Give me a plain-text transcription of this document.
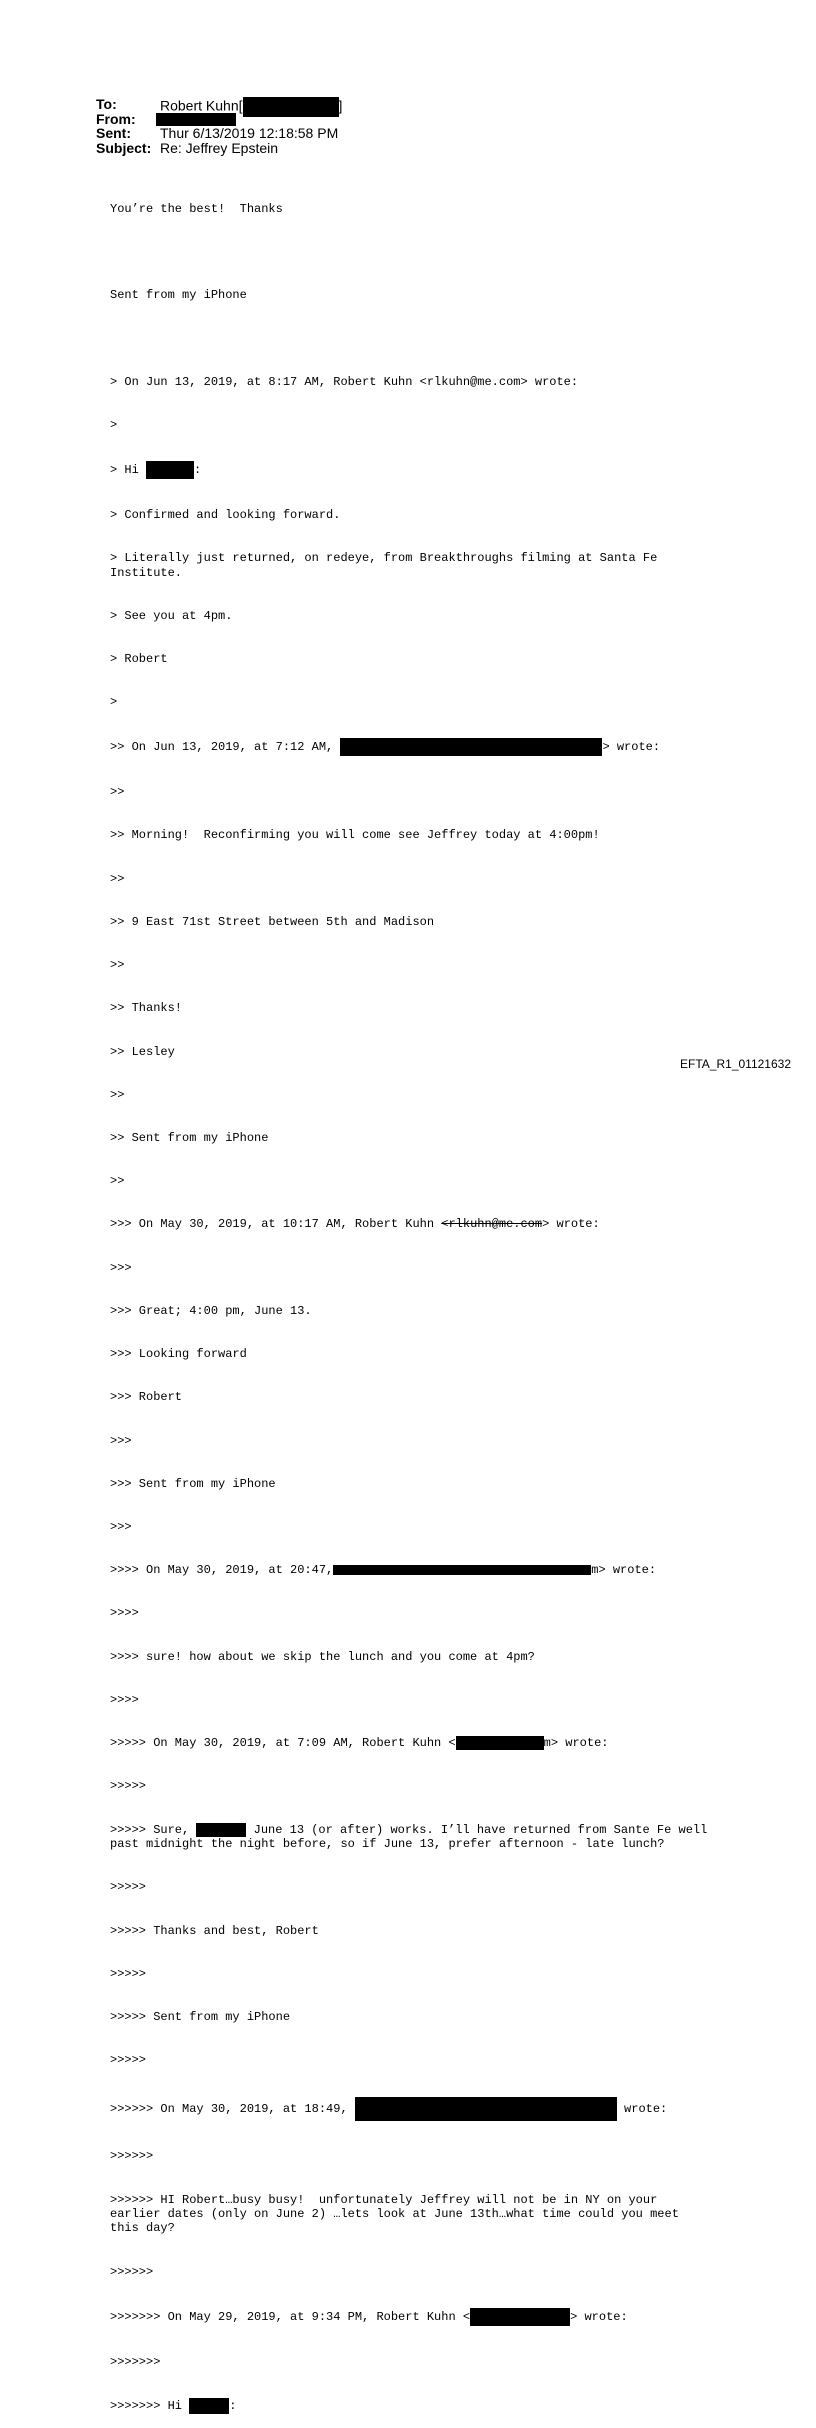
To:	Robert Kuhn[	]
From:
Sent: Thur 6/13/2019 12:18:58 PM
Subject: Re: Jeffrey Epstein

You’re the best!  Thanks

Sent from my iPhone

> On Jun 13, 2019, at 8:17 AM, Robert Kuhn <rlkuhn@me.com> wrote:

>

> Hi	:

> Confirmed and looking forward.

> Literally just returned, on redeye, from Breakthroughs filming at Santa Fe Institute.

> See you at 4pm.

> Robert

>

>> On Jun 13, 2019, at 7:12 AM,	> wrote:

>>

>> Morning!  Reconfirming you will come see Jeffrey today at 4:00pm!

>>

>> 9 East 71st Street between 5th and Madison

>>

>> Thanks!

>> Lesley

>>

>> Sent from my iPhone

>>

>>> On May 30, 2019, at 10:17 AM, Robert Kuhn <rlkuhn@me.com> wrote:

>>>

>>> Great; 4:00 pm, June 13.

>>> Looking forward

>>> Robert

>>>

>>> Sent from my iPhone

>>>

>>>> On May 30, 2019, at 20:47,	m> wrote:

>>>>

>>>> sure! how about we skip the lunch and you come at 4pm?

>>>>

>>>>> On May 30, 2019, at 7:09 AM, Robert Kuhn <	m> wrote:

>>>>>

>>>>> Sure,	June 13 (or after) works. I’ll have returned from Sante Fe well past midnight the night before, so if June 13, prefer afternoon - late lunch?

>>>>>

>>>>> Thanks and best, Robert

>>>>>

>>>>> Sent from my iPhone

>>>>>

>>>>>> On May 30, 2019, at 18:49,	wrote:

>>>>>>

>>>>>> HI Robert…busy busy!  unfortunately Jeffrey will not be in NY on your earlier dates (only on June 2) …lets look at June 13th…what time could you meet this day?

>>>>>>

>>>>>>> On May 29, 2019, at 9:34 PM, Robert Kuhn <	> wrote:

>>>>>>>

>>>>>>> Hi	:

EFTA_R1_01121632
